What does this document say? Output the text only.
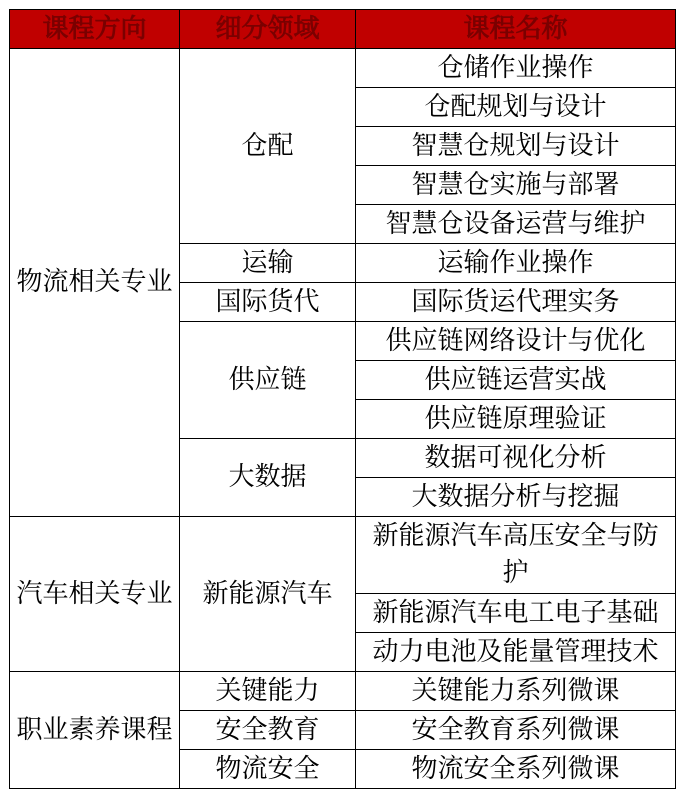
课程方向	细分领域	课程名称
物流相关专业	仓配	仓储作业操作
		仓配规划与设计
		智慧仓规划与设计
		智慧仓实施与部署
		智慧仓设备运营与维护
	运输	运输作业操作
	国际货代	国际货运代理实务
	供应链	供应链网络设计与优化
		供应链运营实战
		供应链原理验证
	大数据	数据可视化分析
		大数据分析与挖掘
汽车相关专业	新能源汽车	新能源汽车高压安全与防护
		新能源汽车电工电子基础
		动力电池及能量管理技术
职业素养课程	关键能力	关键能力系列微课
	安全教育	安全教育系列微课
	物流安全	物流安全系列微课
